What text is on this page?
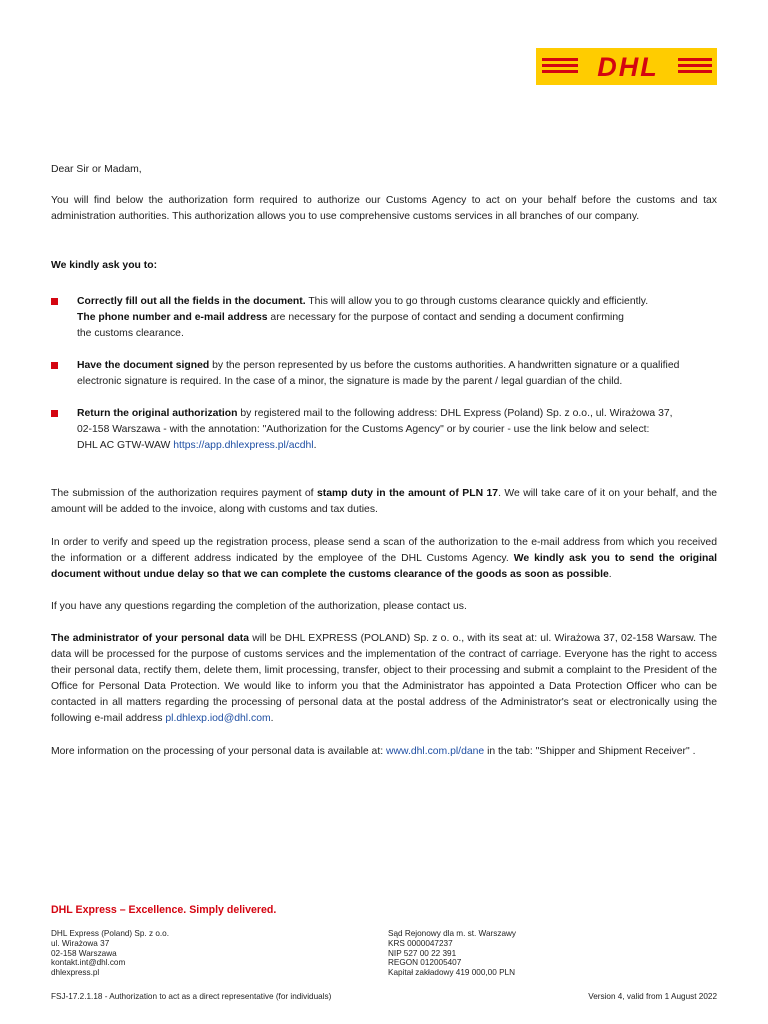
DHL

Dear Sir or Madam,

You will find below the authorization form required to authorize our Customs Agency to act on your behalf before the customs and tax administration authorities. This authorization allows you to use comprehensive customs services in all branches of our company.

We kindly ask you to:

Correctly fill out all the fields in the document. This will allow you to go through customs clearance quickly and efficiently.

The phone number and e-mail address are necessary for the purpose of contact and sending a document confirming

the customs clearance.

Have the document signed by the person represented by us before the customs authorities. A handwritten signature or a qualified

electronic signature is required. In the case of a minor, the signature is made by the parent / legal guardian of the child.

Return the original authorization by registered mail to the following address: DHL Express (Poland) Sp. z o.o., ul. Wirażowa 37,

02-158 Warszawa - with the annotation: "Authorization for the Customs Agency" or by courier - use the link below and select:

DHL AC GTW-WAW https://app.dhlexpress.pl/acdhl.

The submission of the authorization requires payment of stamp duty in the amount of PLN 17. We will take care of it on your behalf, and the amount will be added to the invoice, along with customs and tax duties.

In order to verify and speed up the registration process, please send a scan of the authorization to the e-mail address from which you received the information or a different address indicated by the employee of the DHL Customs Agency. We kindly ask you to send the original document without undue delay so that we can complete the customs clearance of the goods as soon as possible.

If you have any questions regarding the completion of the authorization, please contact us.

The administrator of your personal data will be DHL EXPRESS (POLAND) Sp. z o. o., with its seat at: ul. Wirażowa 37, 02-158 Warsaw. The data will be processed for the purpose of customs services and the implementation of the contract of carriage. Everyone has the right to access their personal data, rectify them, delete them, limit processing, transfer, object to their processing and submit a complaint to the President of the Office for Personal Data Protection. We would like to inform you that the Administrator has appointed a Data Protection Officer who can be contacted in all matters regarding the processing of personal data at the postal address of the Administrator's seat or electronically using the following e-mail address pl.dhlexp.iod@dhl.com.

More information on the processing of your personal data is available at: www.dhl.com.pl/dane in the tab: "Shipper and Shipment Receiver" .

DHL Express – Excellence. Simply delivered.

DHL Express (Poland) Sp. z o.o.
ul. Wirażowa 37
02-158 Warszawa
kontakt.int@dhl.com
dhlexpress.pl
Sąd Rejonowy dla m. st. Warszawy
KRS 0000047237
NIP 527 00 22 391
REGON 012005407
Kapitał zakładowy 419 000,00 PLN
FSJ-17.2.1.18 - Authorization to act as a direct representative (for individuals)	Version 4, valid from 1 August 2022
